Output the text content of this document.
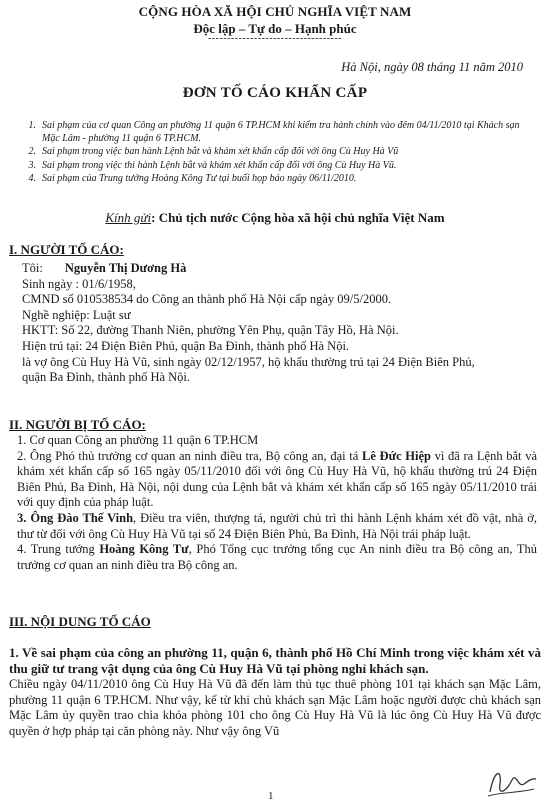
CỘNG HÒA XÃ HỘI CHỦ NGHĨA VIỆT NAM
Độc lập – Tự do – Hạnh phúc
-----------------------------------
Hà Nội, ngày 08 tháng 11 năm 2010
ĐƠN TỐ CÁO KHẨN CẤP
1. Sai phạm của cơ quan Công an phường 11 quận 6 TP.HCM khi kiểm tra hành chính vào đêm 04/11/2010 tại Khách sạn Mặc Lâm - phường 11 quận 6 TP.HCM.
2. Sai phạm trong việc ban hành Lệnh bắt và khám xét khẩn cấp đối với ông Cù Huy Hà Vũ
3. Sai phạm trong việc thi hành Lệnh bắt và khám xét khẩn cấp đối với ông Cù Huy Hà Vũ.
4. Sai phạm của Trung tướng Hoàng Kông Tư tại buổi họp báo ngày 06/11/2010.
Kính gửi: Chủ tịch nước Cộng hòa xã hội chủ nghĩa Việt Nam
I. NGƯỜI TỐ CÁO:
Tôi: Nguyễn Thị Dương Hà
Sinh ngày : 01/6/1958,
CMND số 010538534 do Công an thành phố Hà Nội cấp ngày 09/5/2000.
Nghề nghiệp: Luật sư
HKTT: Số 22, đường Thanh Niên, phường Yên Phụ, quận Tây Hồ, Hà Nội.
Hiện trú tại: 24 Điện Biên Phủ, quận Ba Đình, thành phố Hà Nội.
là vợ ông Cù Huy Hà Vũ, sinh ngày 02/12/1957, hộ khẩu thường trú tại 24 Điện Biên Phủ,
quận Ba Đình, thành phố Hà Nội.
II. NGƯỜI BỊ TỐ CÁO:
1. Cơ quan Công an phường 11 quận 6 TP.HCM
2. Ông Phó thủ trưởng cơ quan an ninh điều tra, Bộ công an, đại tá Lê Đức Hiệp vì đã ra Lệnh bắt và khám xét khẩn cấp số 165 ngày 05/11/2010 đối với ông Cù Huy Hà Vũ, hộ khẩu thường trú 24 Điện Biên Phủ, Ba Đình, Hà Nội, nội dung của Lệnh bắt và khám xét khẩn cấp số 165 ngày 05/11/2010 trái với quy định của pháp luật.
3. Ông Đào Thế Vinh, Điều tra viên, thượng tá, người chủ trì thi hành Lệnh khám xét đồ vật, nhà ở, thư từ đối với ông Cù Huy Hà Vũ tại số 24 Điện Biên Phủ, Ba Đình, Hà Nội trái pháp luật.
4. Trung tướng Hoàng Kông Tư, Phó Tổng cục trưởng tổng cục An ninh điều tra Bộ công an, Thủ trưởng cơ quan an ninh điều tra Bộ công an.
III. NỘI DUNG TỐ CÁO
1. Về sai phạm của công an phường 11, quận 6, thành phố Hồ Chí Minh trong việc khám xét và thu giữ tư trang vật dụng của ông Cù Huy Hà Vũ tại phòng nghỉ khách sạn.
Chiều ngày 04/11/2010 ông Cù Huy Hà Vũ đã đến làm thủ tục thuê phòng 101 tại khách sạn Mặc Lâm, phường 11 quận 6 TP.HCM. Như vậy, kể từ khi chủ khách sạn Mặc Lâm hoặc người được chủ khách sạn Mặc Lâm ủy quyền trao chìa khóa phòng 101 cho ông Cù Huy Hà Vũ là lúc ông Cù Huy Hà Vũ được quyền ở hợp pháp tại căn phòng này. Như vậy ông Vũ
1
